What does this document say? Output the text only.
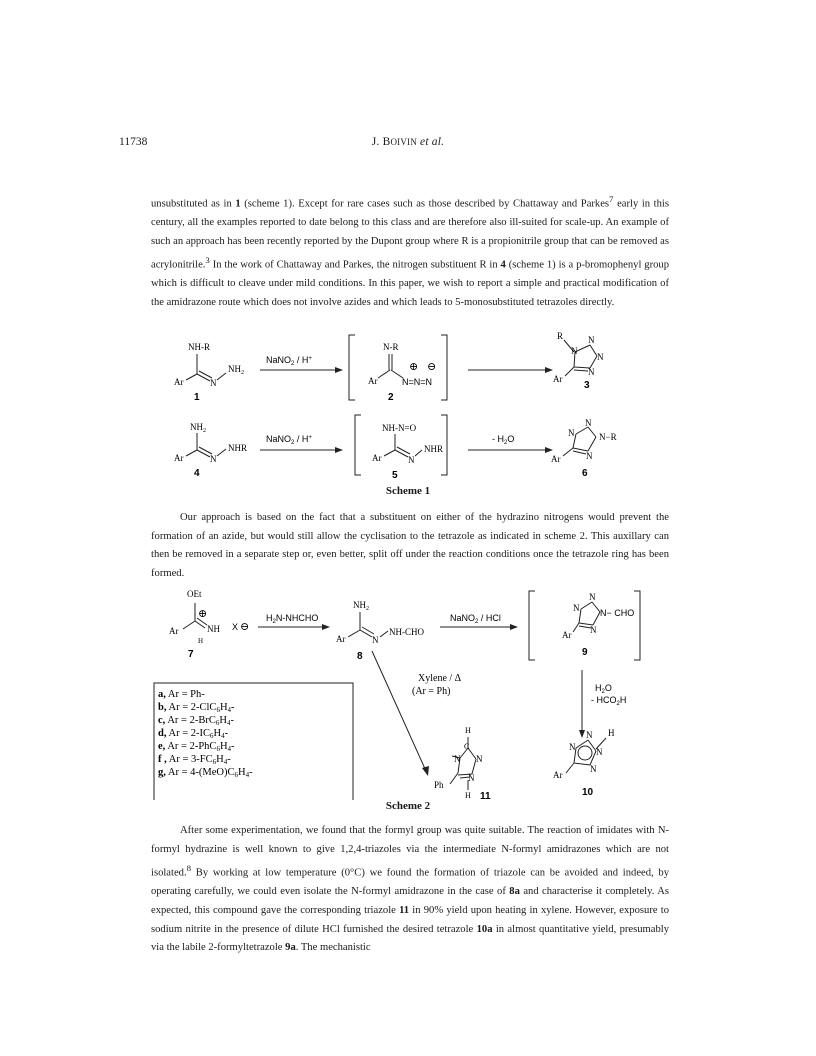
11738	J. BOIVIN et al.

unsubstituted as in 1 (scheme 1). Except for rare cases such as those described by Chattaway and Parkes$^7$ early in this century, all the examples reported to date belong to this class and are therefore also ill-suited for scale-up. An example of such an approach has been recently reported by the Dupont group where R is a propionitrile group that can be removed as acrylonitrile.$^3$ In the work of Chattaway and Parkes, the nitrogen substituent R in 4 (scheme 1) is a p-bromophenyl group which is difficult to cleave under mild conditions. In this paper, we wish to report a simple and practical modification of the amidrazone route which does not involve azides and which leads to 5-monosubstituted tetrazoles directly.

NH-R
$NH_2$
N
Ar
1
NaNO$_2$ / H+
N-R
Ar	N=N=N
⊕ ⊖
2
R
N
N
N
N
Ar
3
$NH_2$
NHR
N
Ar
4
NaNO$_2$ / H+
NH-N=O
NHR
N
Ar
5
- $H_2O$	N−R
N
N
N
Ar
6
Scheme 1

Our approach is based on the fact that a substituent on either of the hydrazino nitrogens would prevent the formation of an azide, but would still allow the cyclisation to the tetrazole as indicated in scheme 2. This auxillary can then be removed in a separate step or, even better, split off under the reaction conditions once the tetrazole ring has been formed.

OEt
⊕
NH
H
Ar	X ⊖
7
$H_2N$-NHCHO
$NH_2$
NH-CHO
N
Ar
8
NaNO$_2$ / HCl	N− CHO
N
N
N
Ar
9
Xylene / Δ
(Ar = Ph)	$H_2O$
- $HCO_2H$
a, Ar = Ph-
b, Ar = 2-ClC6H4-
c, Ar = 2-BrC6H4-
d, Ar = 2-IC6H4-
e, Ar = 2-PhC6H4-
f , Ar = 3-FC6H4-
g, Ar = 4-(MeO)C6H4-
H
C
N N
N
H
Ph
11
H
N
N
N
N
Ar
10
Scheme 2

After some experimentation, we found that the formyl group was quite suitable. The reaction of imidates with N-formyl hydrazine is well known to give 1,2,4-triazoles via the intermediate N-formyl amidrazones which are not isolated.$^8$ By working at low temperature (0°C) we found the formation of triazole can be avoided and indeed, by operating carefully, we could even isolate the N-formyl amidrazone in the case of 8a and characterise it completely. As expected, this compound gave the corresponding triazole 11 in 90% yield upon heating in xylene. However, exposure to sodium nitrite in the presence of dilute HCl furnished the desired tetrazole 10a in almost quantitative yield, presumably via the labile 2-formyltetrazole 9a. The mechanistic
